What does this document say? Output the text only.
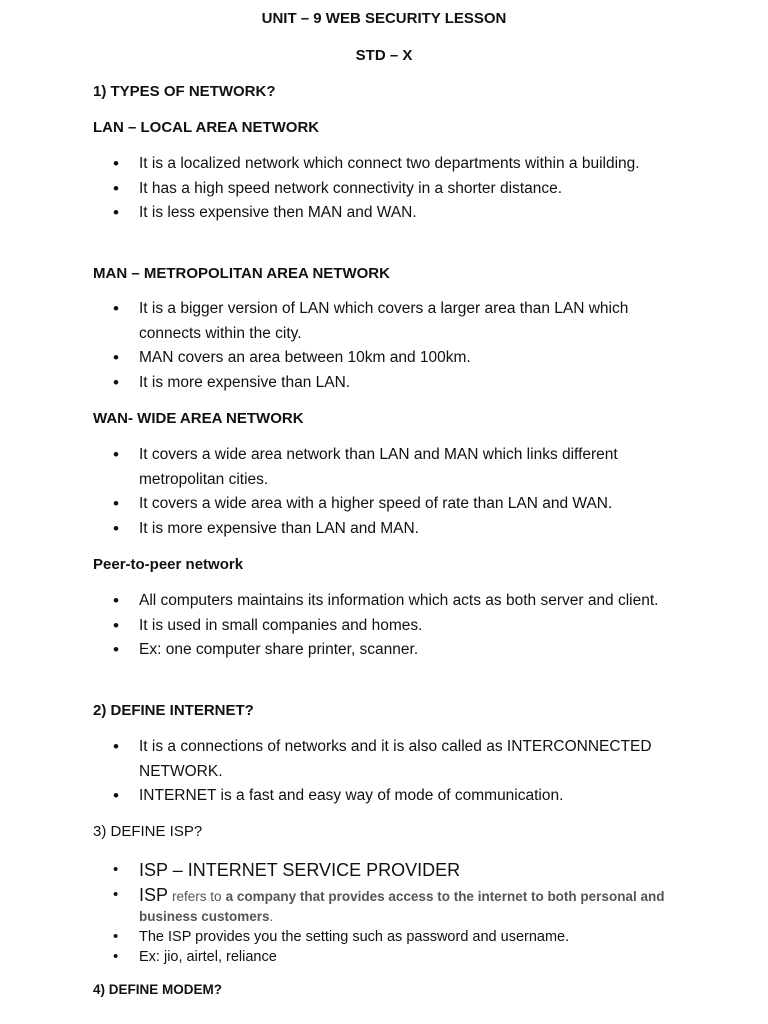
UNIT – 9 WEB SECURITY LESSON
STD – X
1) TYPES OF NETWORK?
LAN – LOCAL AREA NETWORK
• It is a localized network which connect two departments within a building.
• It has a high speed network connectivity in a shorter distance.
• It is less expensive then MAN and WAN.
MAN – METROPOLITAN AREA NETWORK
• It is a bigger version of LAN which covers a larger area than LAN which connects within the city.
• MAN covers an area between 10km and 100km.
• It is more expensive than LAN.
WAN- WIDE AREA NETWORK
• It covers a wide area network than LAN and MAN which links different metropolitan cities.
• It covers a wide area with a higher speed of rate than LAN and WAN.
• It is more expensive than LAN and MAN.
Peer-to-peer network
• All computers maintains its information which acts as both server and client.
• It is used in small companies and homes.
• Ex: one computer share printer, scanner.
2) DEFINE INTERNET?
• It is a connections of networks and it is also called as INTERCONNECTED NETWORK.
• INTERNET is a fast and easy way of mode of communication.
3) DEFINE ISP?
• ISP – INTERNET SERVICE PROVIDER
• ISP refers to a company that provides access to the internet to both personal and business customers.
• The ISP provides you the setting such as password and username.
• Ex: jio, airtel, reliance
4) DEFINE MODEM?
